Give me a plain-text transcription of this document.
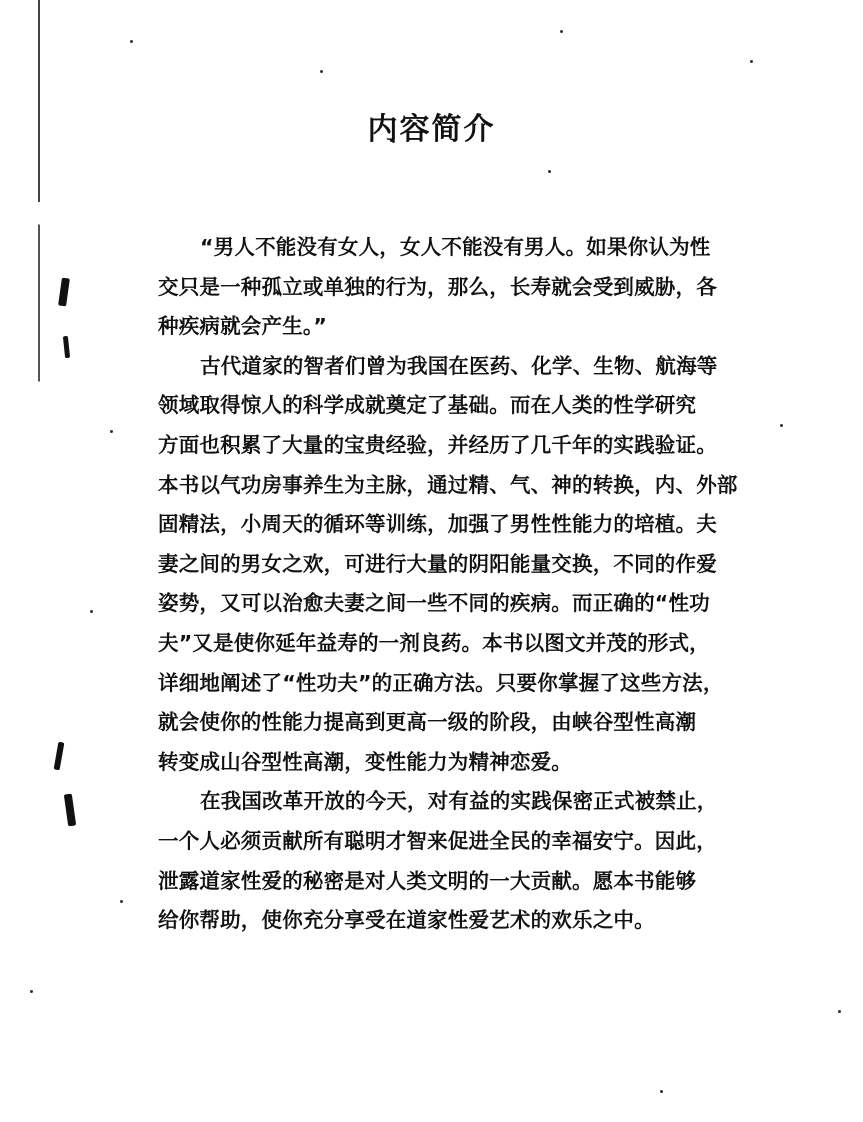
内容简介
“男人不能没有女人，女人不能没有男人。如果你认为性
交只是一种孤立或单独的行为，那么，长寿就会受到威胁，各
种疾病就会产生。”
古代道家的智者们曾为我国在医药、化学、生物、航海等
领域取得惊人的科学成就奠定了基础。而在人类的性学研究
方面也积累了大量的宝贵经验，并经历了几千年的实践验证。
本书以气功房事养生为主脉，通过精、气、神的转换，内、外部
固精法，小周天的循环等训练，加强了男性性能力的培植。夫
妻之间的男女之欢，可进行大量的阴阳能量交换，不同的作爱
姿势，又可以治愈夫妻之间一些不同的疾病。而正确的“性功
夫”又是使你延年益寿的一剂良药。本书以图文并茂的形式，
详细地阐述了“性功夫”的正确方法。只要你掌握了这些方法，
就会使你的性能力提高到更高一级的阶段，由峡谷型性高潮
转变成山谷型性高潮，变性能力为精神恋爱。
在我国改革开放的今天，对有益的实践保密正式被禁止，
一个人必须贡献所有聪明才智来促进全民的幸福安宁。因此，
泄露道家性爱的秘密是对人类文明的一大贡献。愿本书能够
给你帮助，使你充分享受在道家性爱艺术的欢乐之中。
